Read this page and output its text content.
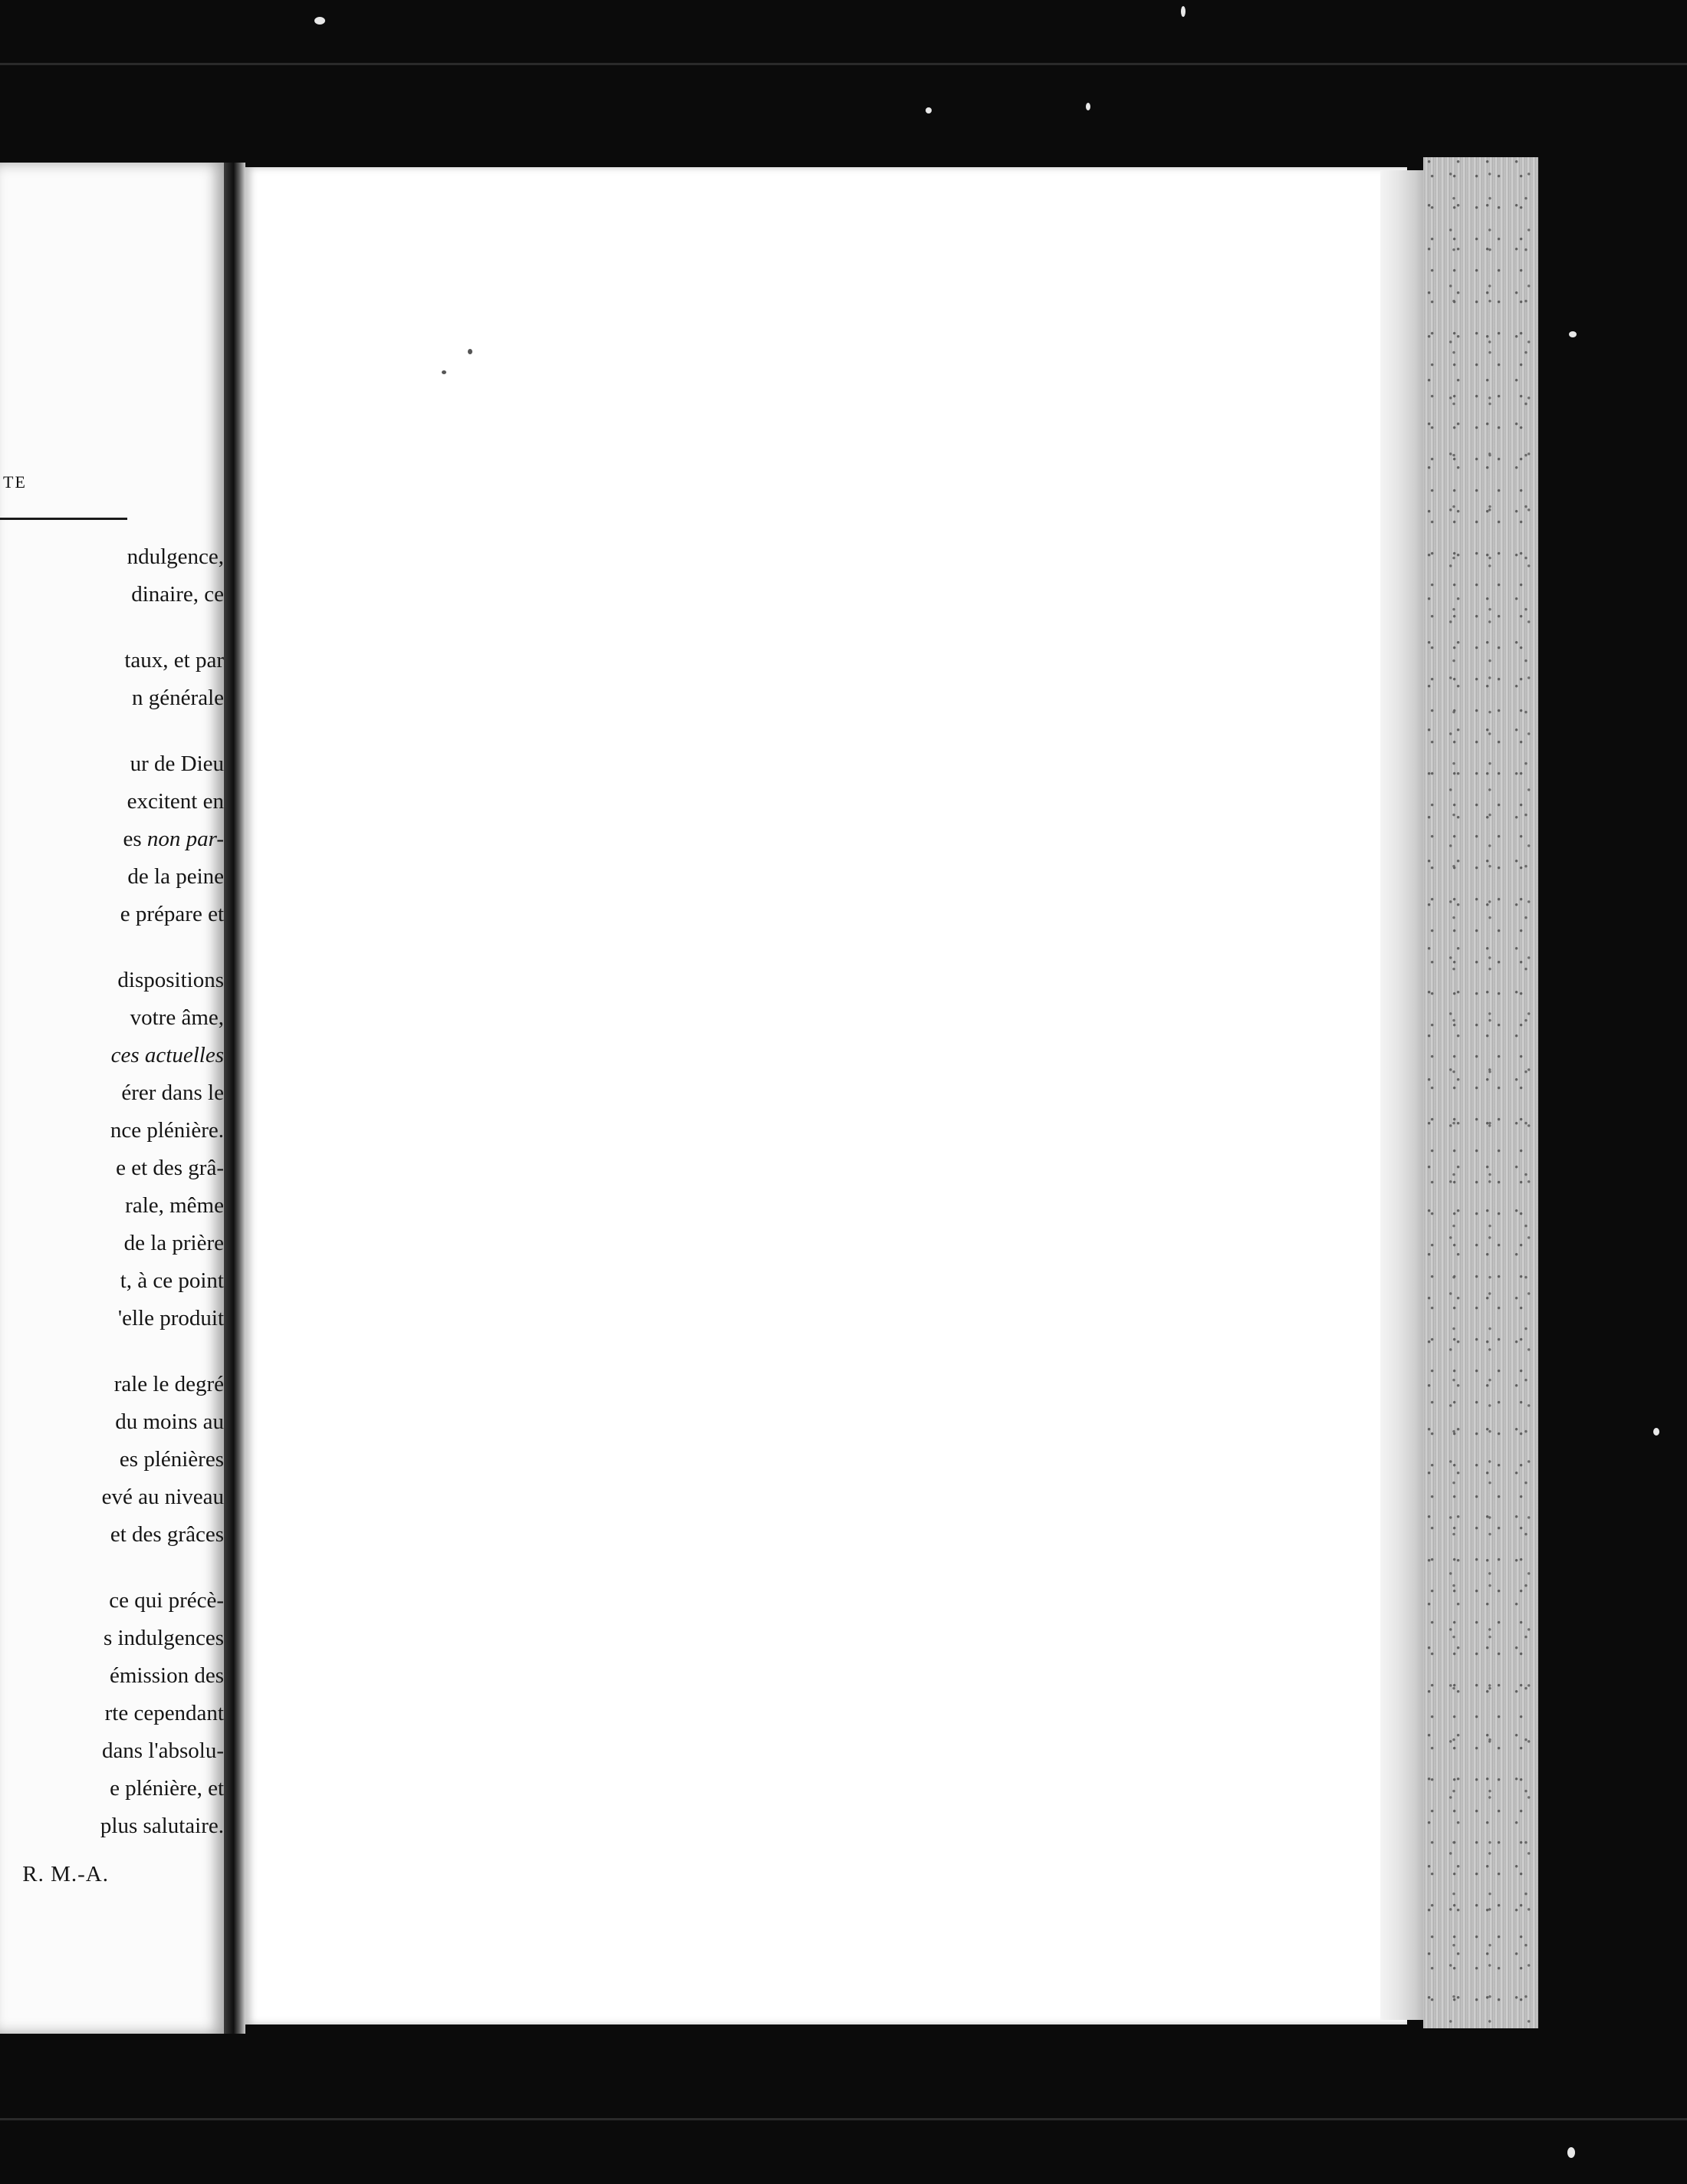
TE
ndulgence,
dinaire, ce
taux, et par
n générale
ur de Dieu
excitent en
es non par-
de la peine
e prépare et
dispositions
votre âme,
ces actuelles
érer dans le
nce plénière.
e et des grâ-
rale, même
de la prière
t, à ce point
'elle produit
rale le degré
du moins au
es plénières
evé au niveau
et des grâces
ce qui précè-
s indulgences
émission des
rte cependant
dans l'absolu-
e plénière, et
plus salutaire.
R. M.-A.
